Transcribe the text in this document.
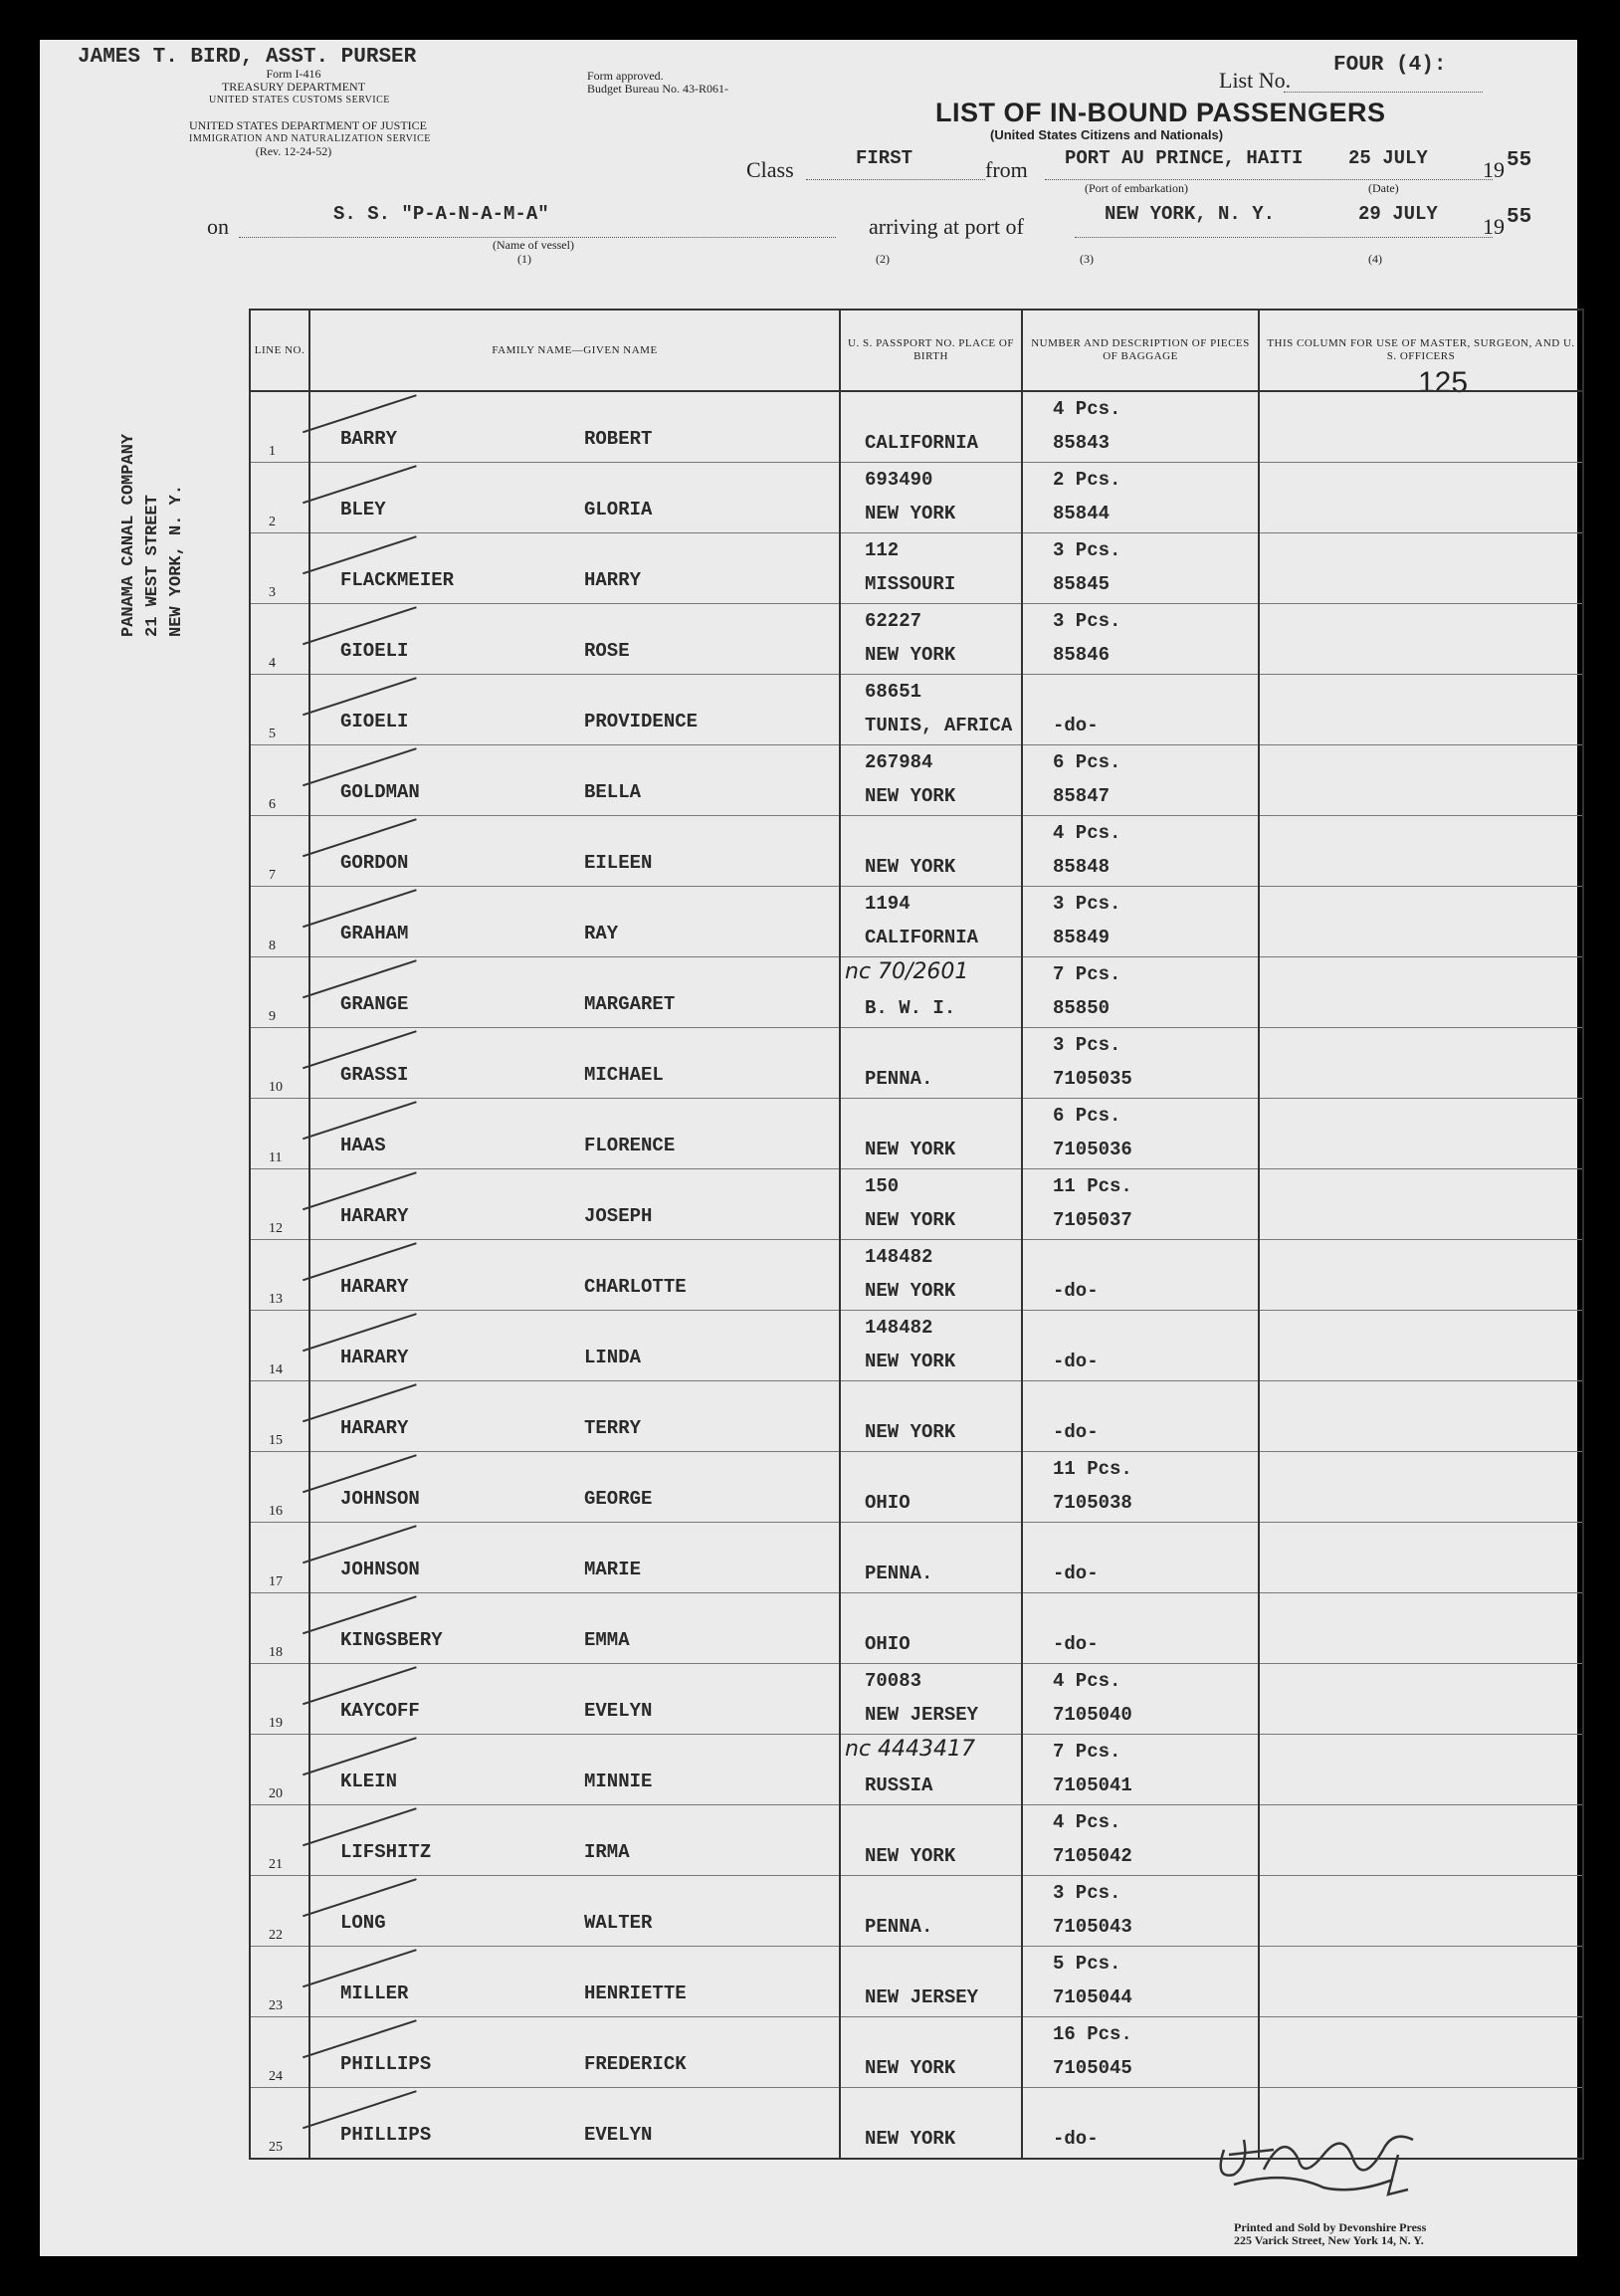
JAMES T. BIRD, ASST. PURSER
Form I-416
TREASURY DEPARTMENT
UNITED STATES CUSTOMS SERVICE
UNITED STATES DEPARTMENT OF JUSTICE
IMMIGRATION AND NATURALIZATION SERVICE
(Rev. 12-24-52)
Form approved.
Budget Bureau No. 43-R061-	List No.
FOUR (4):
LIST OF IN-BOUND PASSENGERS
(United States Citizens and Nationals)
Class	FIRST	from PORT AU PRINCE, HAITI 25 JULY	19 55
(Port of embarkation)	(Date)
on	S. S. "P-A-N-A-M-A"
(Name of vessel)
(1)
arriving at port of	NEW YORK, N. Y.	29 JULY 19 55
(2)	(3)	(4)
PANAMA CANAL COMPANY 21 WEST STREET NEW YORK, N. Y.
125
LINE NO.	FAMILY NAME—GIVEN NAME	U. S. PASSPORT NO. PLACE OF BIRTH	NUMBER AND DESCRIPTION OF PIECES OF BAGGAGE	THIS COLUMN FOR USE OF MASTER, SURGEON, AND U. S. OFFICERS

1	BARRY ROBERT	CALIFORNIA	4 Pcs.
85843	

2	BLEY GLORIA	693490
NEW YORK	2 Pcs.
85844	

3	FLACKMEIER HARRY	112
MISSOURI	3 Pcs.
85845	

4	GIOELI ROSE	62227
NEW YORK	3 Pcs.
85846	

5	GIOELI PROVIDENCE	68651
TUNIS, AFRICA	-do-	

6	GOLDMAN BELLA	267984
NEW YORK	6 Pcs.
85847	

7	GORDON EILEEN	NEW YORK	4 Pcs.
85848	

8	GRAHAM RAY	1194
CALIFORNIA	3 Pcs.
85849	

9	GRANGE MARGARET	nc 70/2601
B. W. I.	7 Pcs.
85850	

10	GRASSI MICHAEL	PENNA.	3 Pcs.
7105035	

11	HAAS FLORENCE	NEW YORK	6 Pcs.
7105036	

12	HARARY JOSEPH	150
NEW YORK	11 Pcs.
7105037	

13	HARARY CHARLOTTE	148482
NEW YORK	-do-	

14	HARARY LINDA	148482
NEW YORK	-do-	

15	HARARY TERRY	NEW YORK	-do-	

16	JOHNSON GEORGE	OHIO	11 Pcs.
7105038	

17	JOHNSON MARIE	PENNA.	-do-	

18	KINGSBERY EMMA	OHIO	-do-	

19	KAYCOFF EVELYN	70083
NEW JERSEY	4 Pcs.
7105040	

20	KLEIN MINNIE	nc 4443417
RUSSIA	7 Pcs.
7105041	

21	LIFSHITZ IRMA	NEW YORK	4 Pcs.
7105042	

22	LONG WALTER	PENNA.	3 Pcs.
7105043	

23	MILLER HENRIETTE	NEW JERSEY	5 Pcs.
7105044	

24	PHILLIPS FREDERICK	NEW YORK	16 Pcs.
7105045	

25	PHILLIPS EVELYN	NEW YORK	-do-	

Printed and Sold by Devonshire Press
225 Varick Street, New York 14, N. Y.
